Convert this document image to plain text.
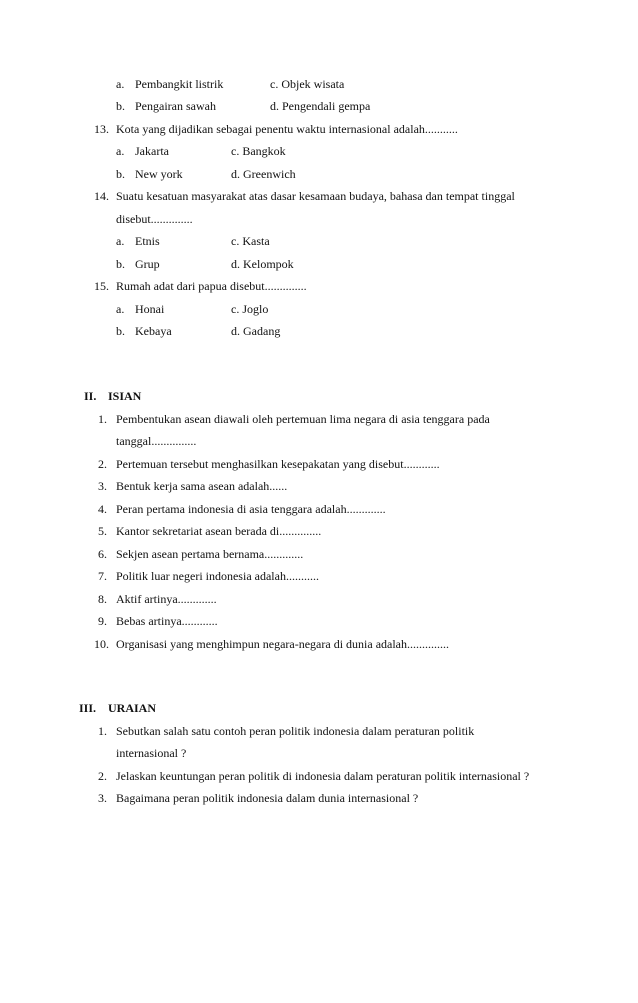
a. Pembangkit listrik	c. Objek wisata
b. Pengairan sawah	d. Pengendali gempa
13. Kota yang dijadikan sebagai penentu waktu internasional adalah...........
a. Jakarta	c. Bangkok
b. New york	d. Greenwich
14. Suatu kesatuan masyarakat atas dasar kesamaan budaya, bahasa dan tempat tinggal
disebut..............
a. Etnis	c. Kasta
b. Grup	d. Kelompok
15. Rumah adat dari papua disebut..............
a. Honai	c. Joglo
b. Kebaya	d. Gadang
II. ISIAN
1. Pembentukan asean diawali oleh pertemuan lima negara di asia tenggara pada
tanggal...............
2. Pertemuan tersebut menghasilkan kesepakatan yang disebut............
3. Bentuk kerja sama asean adalah......
4. Peran pertama indonesia di asia tenggara adalah.............
5. Kantor sekretariat asean berada di..............
6. Sekjen asean pertama bernama.............
7. Politik luar negeri indonesia adalah...........
8. Aktif artinya.............
9. Bebas artinya............
10. Organisasi yang menghimpun negara-negara di dunia adalah..............
III. URAIAN
1. Sebutkan salah satu contoh peran politik indonesia dalam peraturan politik
internasional ?
2. Jelaskan keuntungan peran politik di indonesia dalam peraturan politik internasional ?
3. Bagaimana peran politik indonesia dalam dunia internasional ?
